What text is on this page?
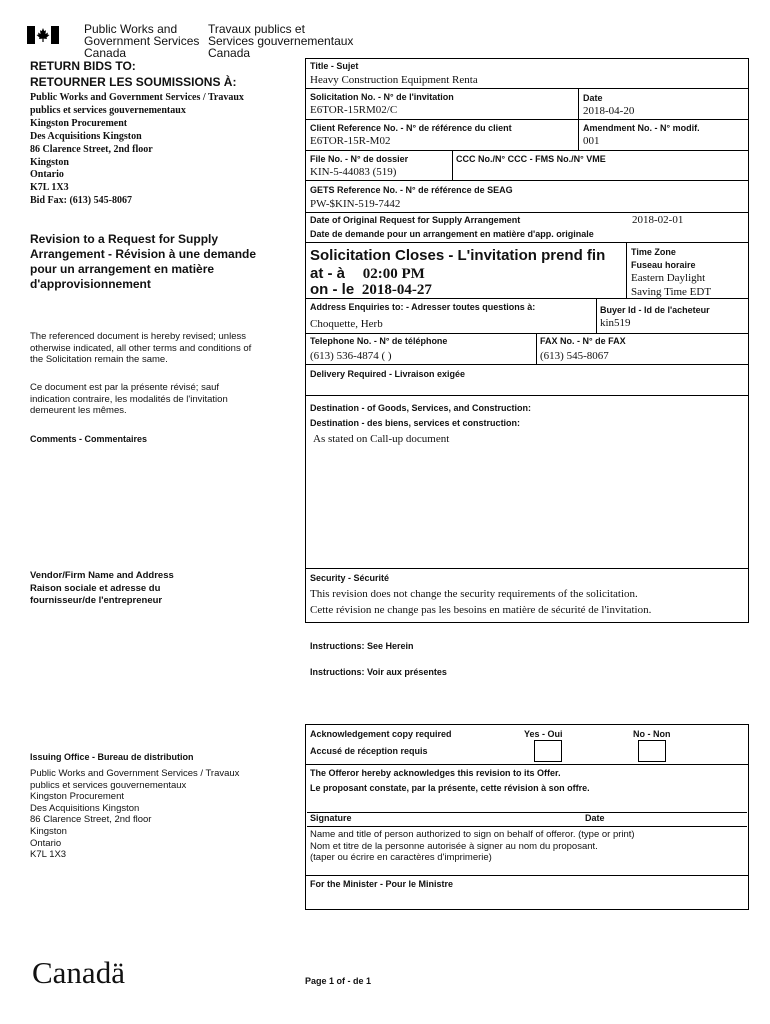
Public Works and
Government Services
Canada
Travaux publics et
Services gouvernementaux
Canada
RETURN BIDS TO:
RETOURNER LES SOUMISSIONS À:
Public Works and Government Services / Travaux
publics et services gouvernementaux
Kingston Procurement
Des Acquisitions Kingston
86 Clarence Street, 2nd floor
Kingston
Ontario
K7L 1X3
Bid Fax: (613) 545-8067
Revision to a Request for Supply
Arrangement - Révision à une demande
pour un arrangement en matière
d'approvisionnement
The referenced document is hereby revised; unless
otherwise indicated, all other terms and conditions of
the Solicitation remain the same.
Ce document est par la présente révisé; sauf
indication contraire, les modalités de l'invitation
demeurent les mêmes.
Comments - Commentaires
Vendor/Firm Name and Address
Raison sociale et adresse du
fournisseur/de l'entrepreneur
Issuing Office - Bureau de distribution
Public Works and Government Services / Travaux
publics et services gouvernementaux
Kingston Procurement
Des Acquisitions Kingston
86 Clarence Street, 2nd floor
Kingston
Ontario
K7L 1X3
Title - Sujet
Heavy Construction Equipment Renta
Solicitation No. - N° de l'invitation
E6TOR-15RM02/C
Date
2018-04-20
Client Reference No. - N° de référence du client
E6TOR-15R-M02
Amendment No. - N° modif.
001
File No. - N° de dossier
KIN-5-44083 (519)
CCC No./N° CCC - FMS No./N° VME
GETS Reference No. - N° de référence de SEAG
PW-$KIN-519-7442
Date of Original Request for Supply Arrangement	2018-02-01
Date de demande pour un arrangement en matière d'app. originale
Solicitation Closes - L'invitation prend fin
at - à 02:00 PM
on - le 2018-04-27
Time Zone
Fuseau horaire
Eastern Daylight
Saving Time EDT
Address Enquiries to: - Adresser toutes questions à:
Choquette, Herb
Buyer Id - Id de l'acheteur
kin519
Telephone No. - N° de téléphone
(613) 536-4874 ( )
FAX No. - N° de FAX
(613) 545-8067
Delivery Required - Livraison exigée
Destination - of Goods, Services, and Construction:
Destination - des biens, services et construction:
As stated on Call-up document
Security - Sécurité
This revision does not change the security requirements of the solicitation.
Cette révision ne change pas les besoins en matière de sécurité de l'invitation.
Instructions: See Herein
Instructions: Voir aux présentes
Acknowledgement copy required
Accusé de réception requis
Yes - Oui	No - Non
The Offeror hereby acknowledges this revision to its Offer.
Le proposant constate, par la présente, cette révision à son offre.
Signature	Date
Name and title of person authorized to sign on behalf of offeror. (type or print)
Nom et titre de la personne autorisée à signer au nom du proposant.
(taper ou écrire en caractères d'imprimerie)
For the Minister - Pour le Ministre
Canadä	Page 1 of - de 1
